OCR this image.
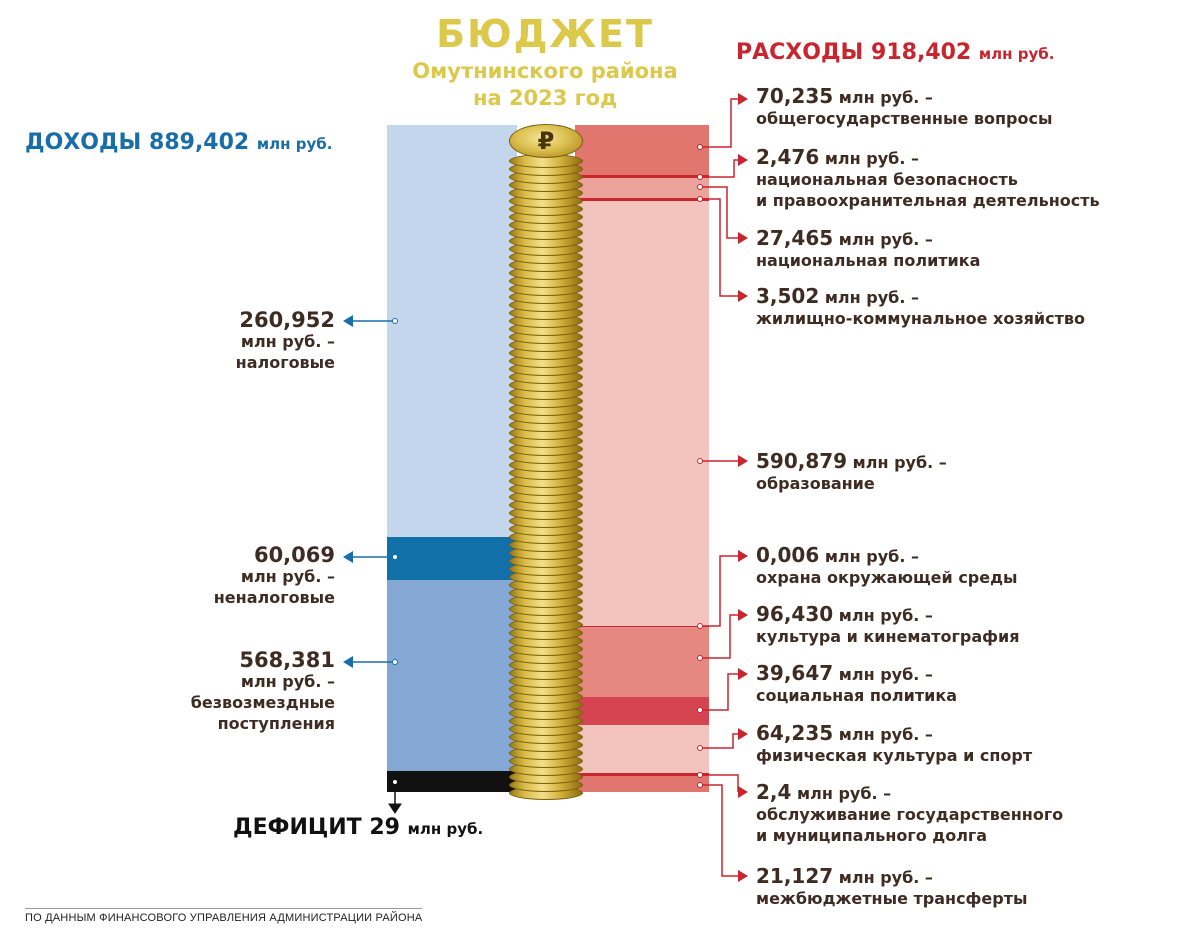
БЮДЖЕТ
Омутнинского района
на 2023 год
ДОХОДЫ 889,402 млн руб.
РАСХОДЫ 918,402 млн руб.
₽
260,952
млн руб. –
налоговые
60,069
млн руб. –
неналоговые
568,381
млн руб. –
безвозмездные
поступления
70,235 млн руб. –
общегосударственные вопросы
2,476 млн руб. –
национальная безопасность
и правоохранительная деятельность
27,465 млн руб. –
национальная политика
3,502 млн руб. –
жилищно-коммунальное хозяйство
590,879 млн руб. –
образование
0,006 млн руб. –
охрана окружающей среды
96,430 млн руб. –
культура и кинематография
39,647 млн руб. –
социальная политика
64,235 млн руб. –
физическая культура и спорт
2,4 млн руб. –
обслуживание государственного
и муниципального долга
21,127 млн руб. –
межбюджетные трансферты
ДЕФИЦИТ 29 млн руб.
ПО ДАННЫМ ФИНАНСОВОГО УПРАВЛЕНИЯ АДМИНИСТРАЦИИ РАЙОНА
